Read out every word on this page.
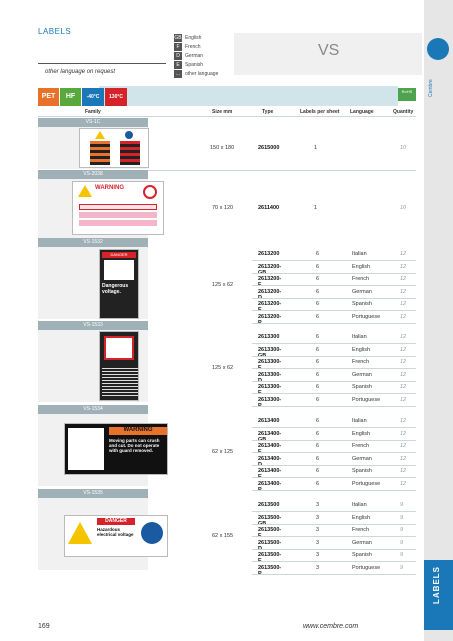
Cembre
LABELS
LABELS
GB English
F	French
D	German
E	Spanish
... other language
VS
other language on request
PET	HF	-40°C	130°C
RoHS
Family	Size mm	Type	Labels per sheet Language	Quantity
VS-1C
150 x 180	2615000	1	10
VS-2038
WARNING
70 x 120	2611400	1	10
VS-1532
DANGER
Dangerous voltage.
125 x 62
2613200	6	Italian	12
2613200-	6	English	12
2613200-	6	French	12
2613200-	6	German	12
2613200-	6	Spanish	12
2613200-	6	Portuguese	12
VS-1533
125 x 62
2613300	6	Italian	12
2613300-	6	English	12
2613300-	6	French	12
2613300-	6	German	12
2613300-	6	Spanish	12
2613300-	6	Portuguese	12
VS-1534
WARNING
Moving parts can crush and cut. Do not operate with guard removed.	62 x 125
2613400	6	Italian	12
2613400-	6	English	12
2613400-	6	French	12
2613400-	6	German	12
2613400-	6	Spanish	12
2613400-	6	Portuguese	12
VS-1535
DANGER
Hazardous electrical voltage	62 x 155
2613500	3	Italian	9
2613500-	3	English	9
2613500-	3	French	9
2613500-	3	German	9
2613500-	3	Spanish	9
2613500-	3	Portuguese	9
169	www.cembre.com
